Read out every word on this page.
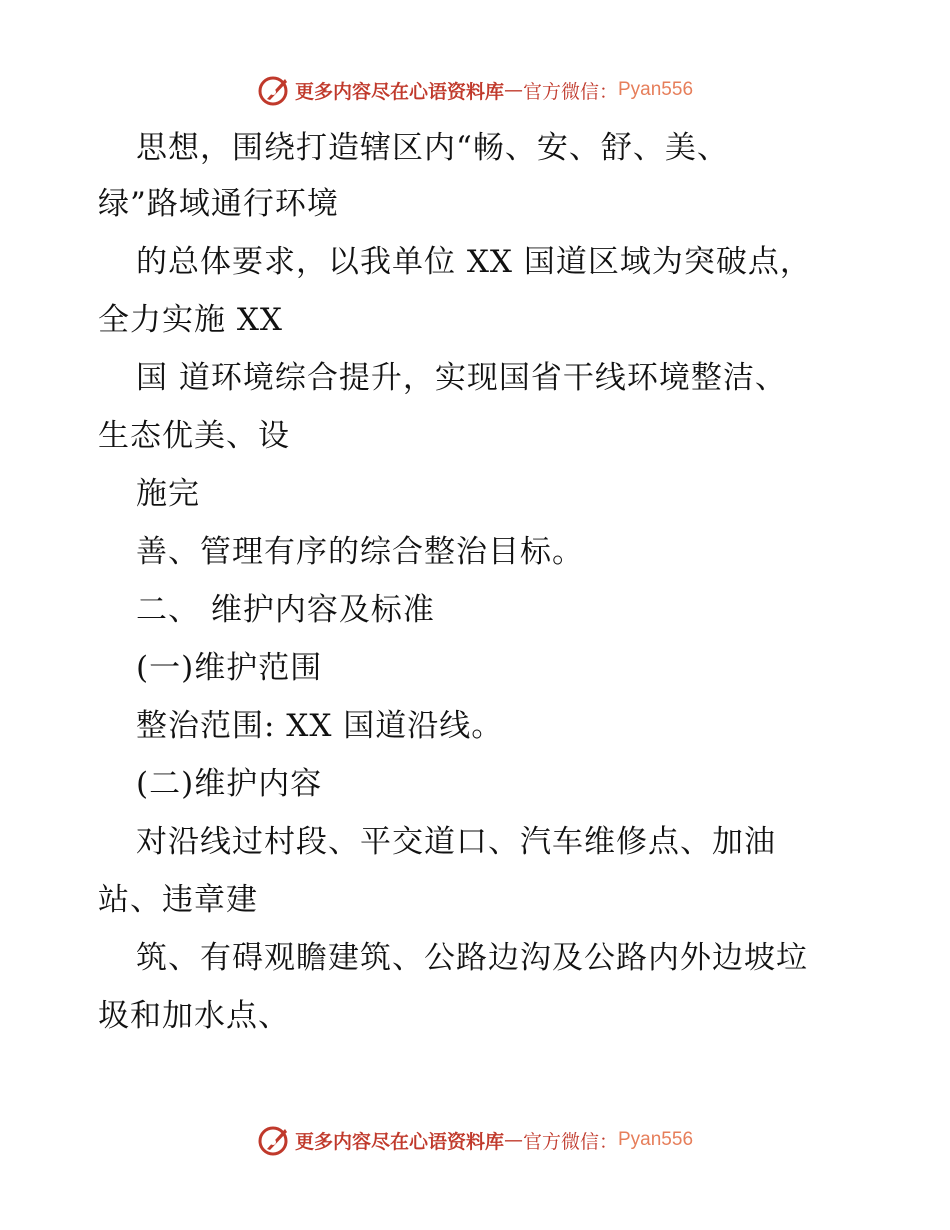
更多内容尽在心语资料库 — 官方微信： Pyan556
思想，围绕打造辖区内“畅、安、舒、美、
绿”路域通行环境
的总体要求，以我单位 XX 国道区域为突破点，
全力实施 XX
国 道环境综合提升，实现国省干线环境整洁、
生态优美、设
施完
善、管理有序的综合整治目标。
二、 维护内容及标准
(一)维护范围
整治范围: XX 国道沿线。
(二)维护内容
对沿线过村段、平交道口、汽车维修点、加油
站、违章建
筑、有碍观瞻建筑、公路边沟及公路内外边坡垃
圾和加水点、
更多内容尽在心语资料库 — 官方微信： Pyan556
